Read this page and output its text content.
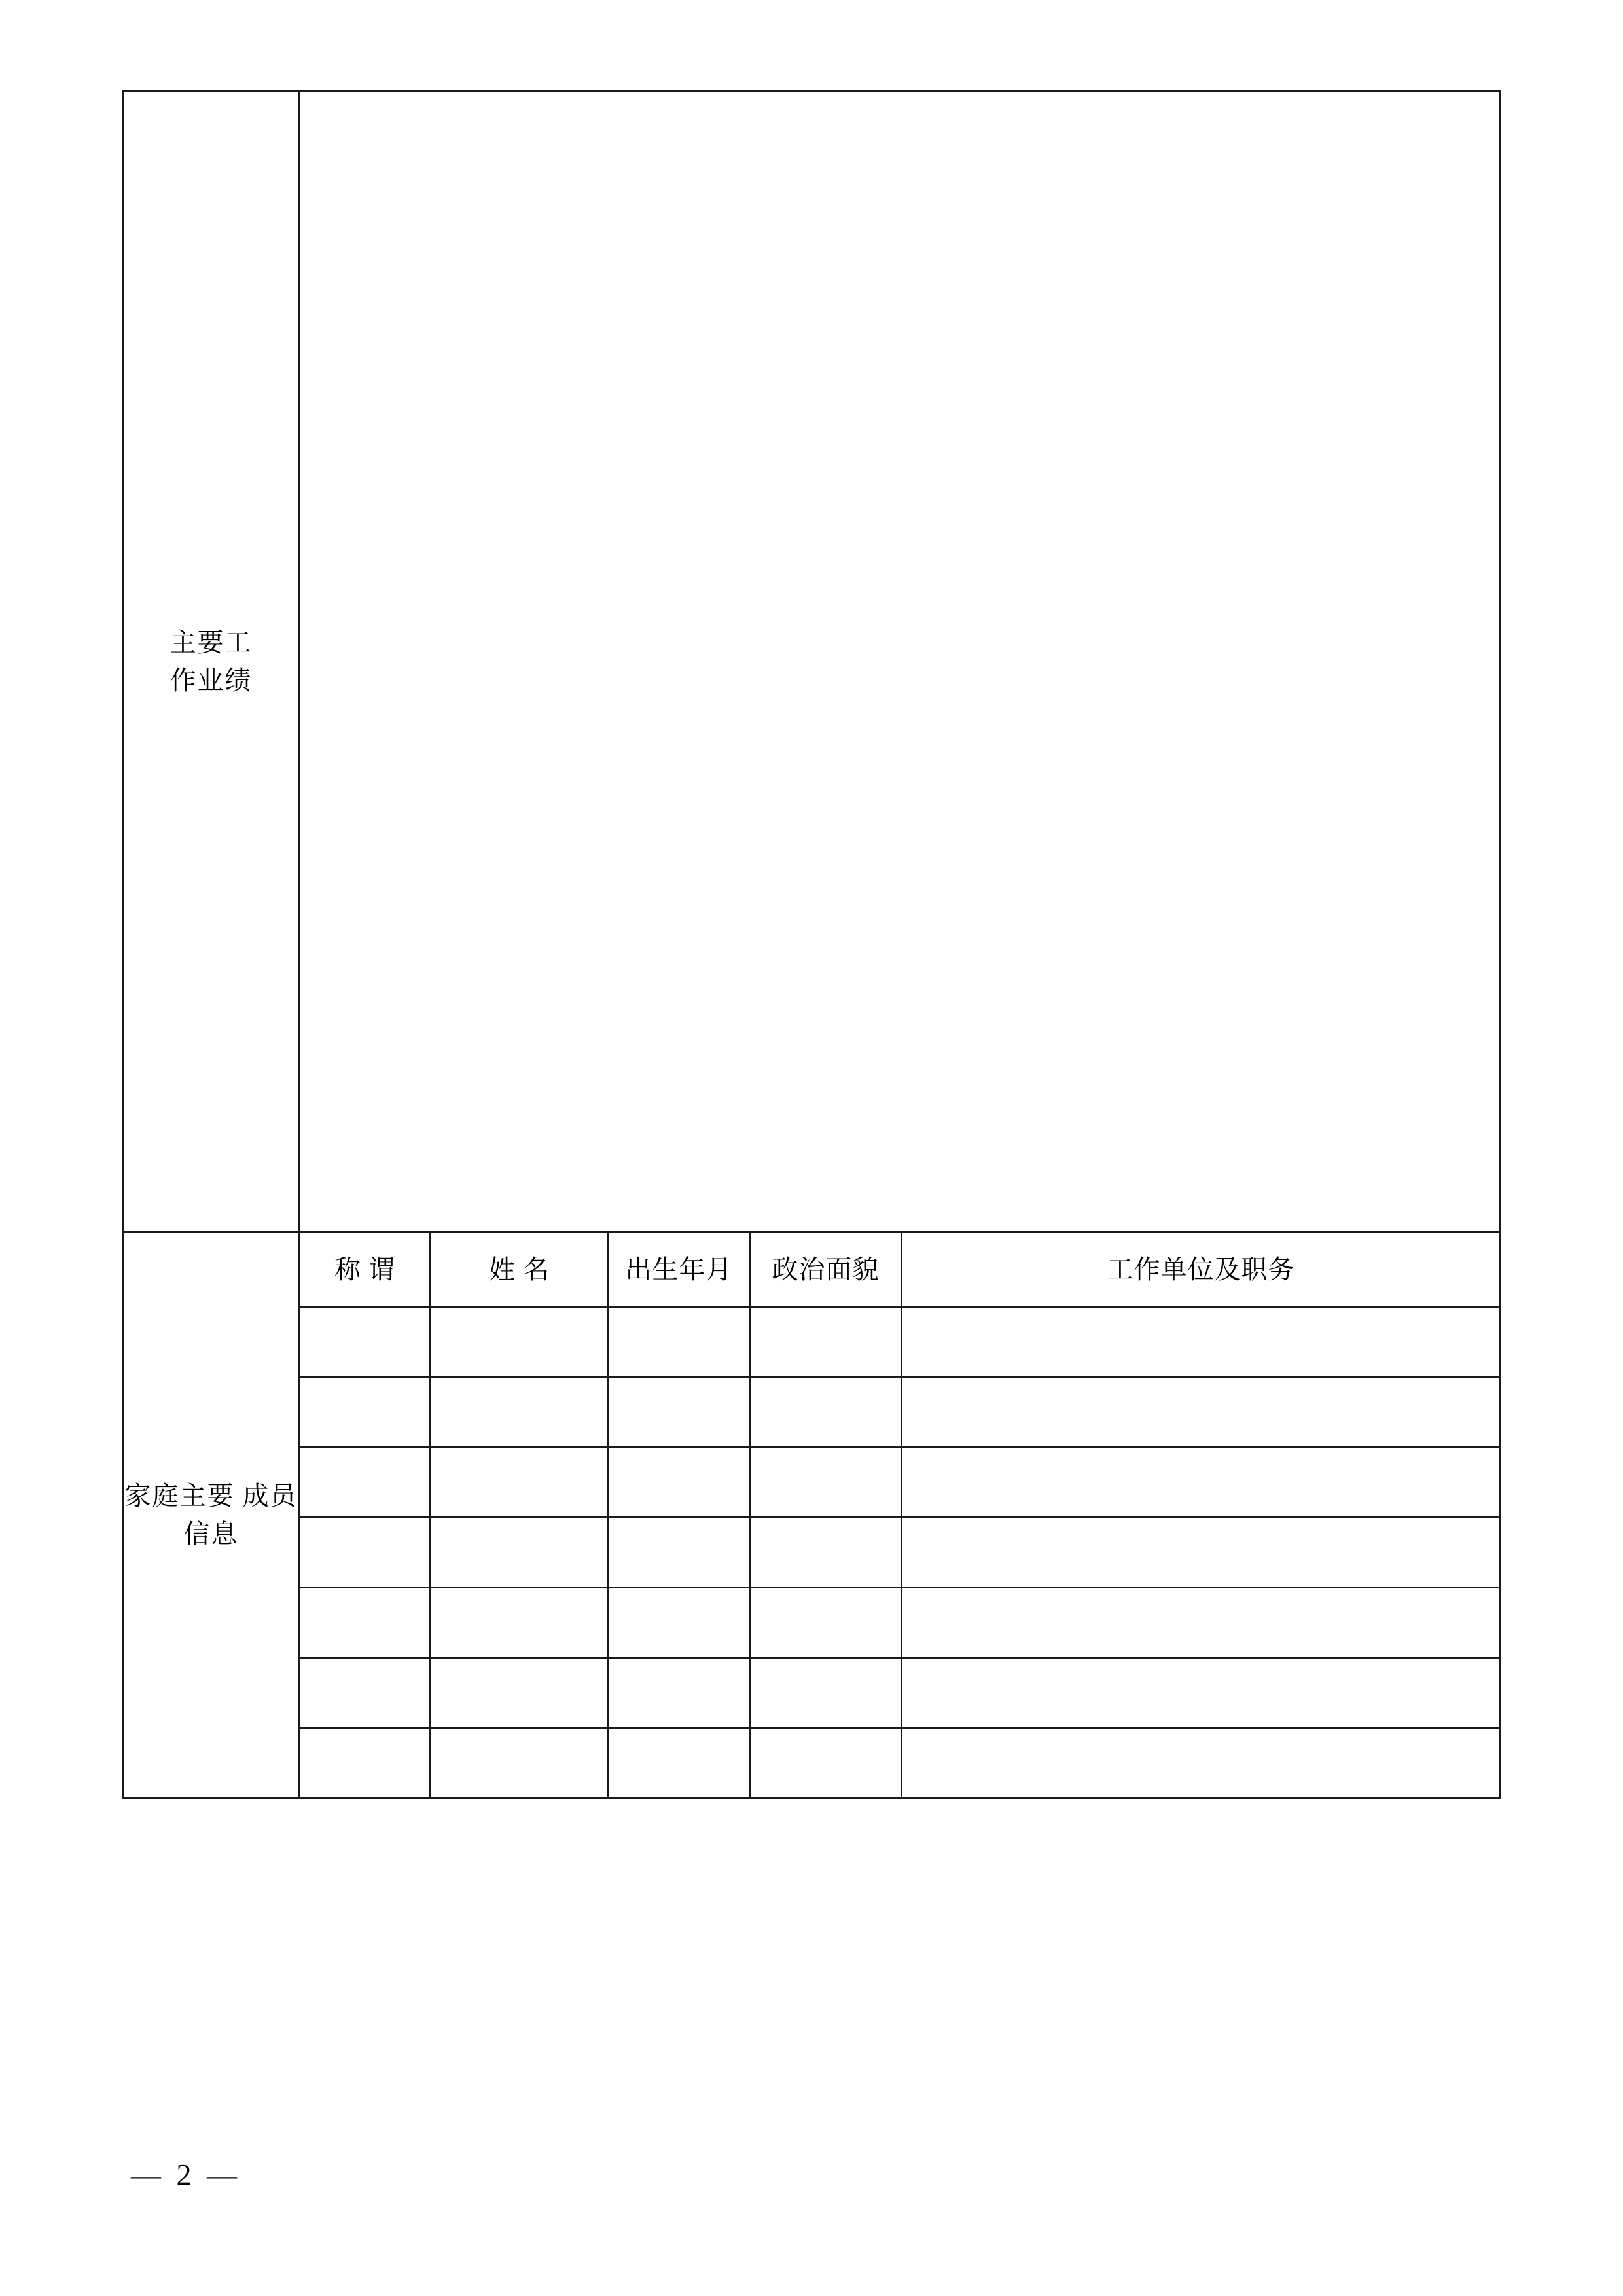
主要工
作业绩					

家庭主要 成员信息	称 谓	姓 名	出生年月	政治面貌	工作单位及职务

— 2 —
